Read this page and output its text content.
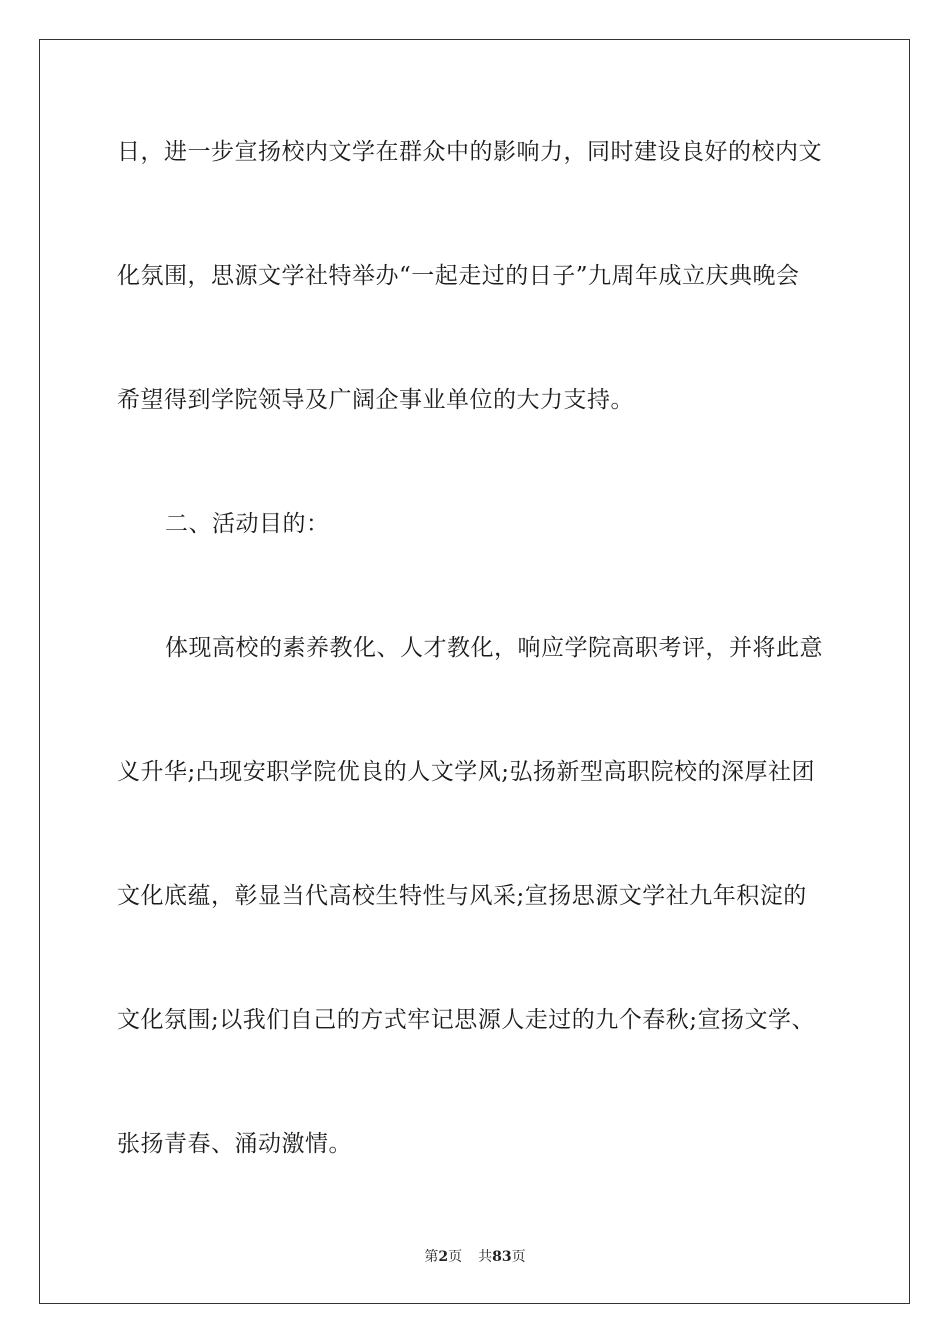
日，进一步宣扬校内文学在群众中的影响力，同时建设良好的校内文
化氛围，思源文学社特举办“一起走过的日子”九周年成立庆典晚会
希望得到学院领导及广阔企事业单位的大力支持。
二、活动目的：
体现高校的素养教化、人才教化，响应学院高职考评，并将此意
义升华;凸现安职学院优良的人文学风;弘扬新型高职院校的深厚社团
文化底蕴，彰显当代高校生特性与风采;宣扬思源文学社九年积淀的
文化氛围;以我们自己的方式牢记思源人走过的九个春秋;宣扬文学、
张扬青春、涌动激情。
第2页 共83页
